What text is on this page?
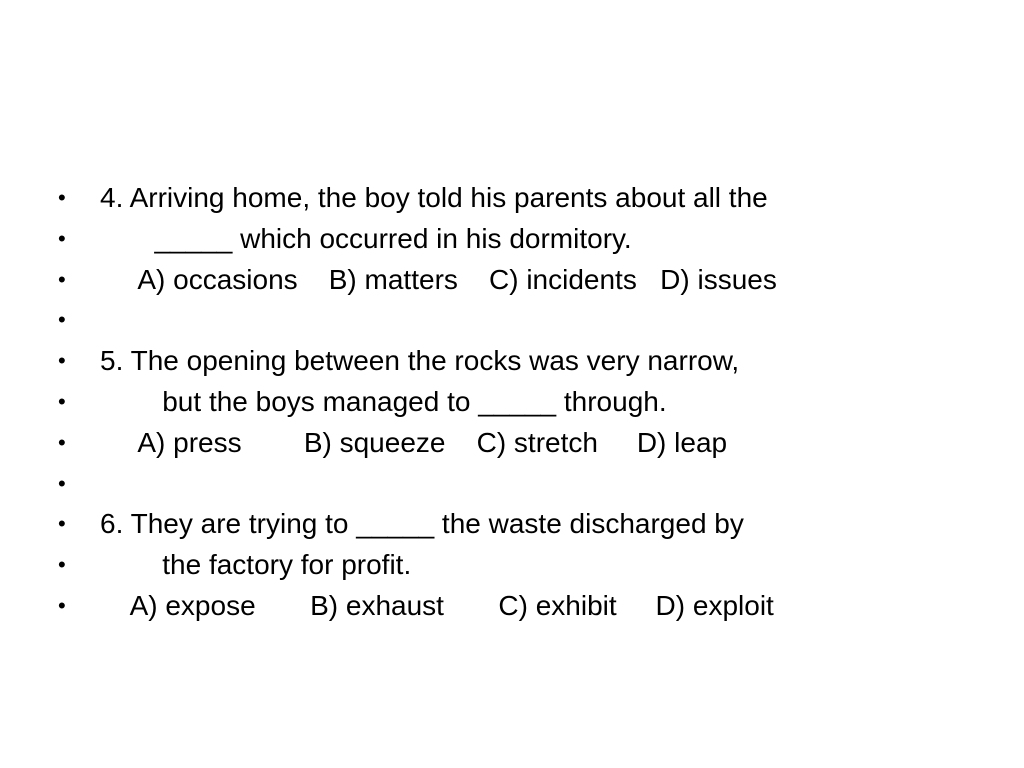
•

4. Arriving home, the boy told his parents about all the

•

_____ which occurred in his dormitory.

•

A) occasions    B) matters    C) incidents   D) issues

•

•

5. The opening between the rocks was very narrow,

•

but the boys managed to _____ through.

•

A) press        B) squeeze    C) stretch     D) leap

•

•

6. They are trying to _____ the waste discharged by

•

the factory for profit.

•

A) expose       B) exhaust       C) exhibit     D) exploit
